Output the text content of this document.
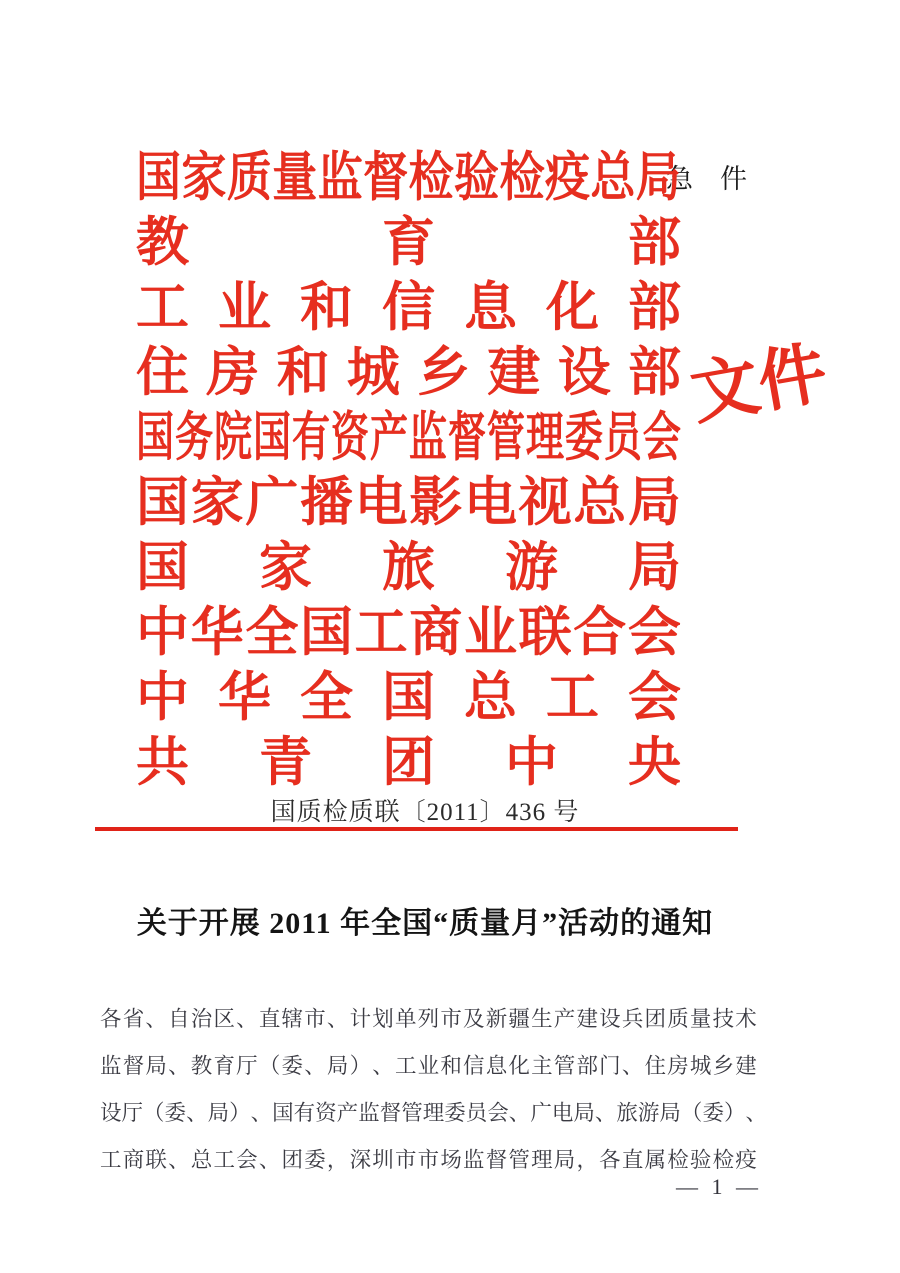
急　件
国 家 质 量 监 督 检 验 检 疫 总 局
教	育	部
工 业 和 信 息 化 部
住 房 和 城 乡 建 设 部
国 务 院 国 有 资 产 监 督 管 理 委 员 会
国 家 广 播 电 影 电 视 总 局
国 家 旅 游 局
中 华 全 国 工 商 业 联 合 会
中 华 全 国 总 工 会
共 青 团 中 央
文件
国质检质联〔2011〕436 号
关于开展 2011 年全国“质量月”活动的通知
各 省 、 自 治 区 、 直 辖 市 、 计 划 单 列 市 及 新 疆 生 产 建 设 兵 团 质 量 技 术
监 督 局 、 教 育 厅 （ 委 、 局 ） 、 工 业 和 信 息 化 主 管 部 门 、 住 房 城 乡 建
设 厅 （ 委 、 局 ） 、 国 有 资 产 监 督 管 理 委 员 会 、 广 电 局 、 旅 游 局 （ 委 ） 、
工 商 联 、 总 工 会 、 团 委 ， 深 圳 市 市 场 监 督 管 理 局 ， 各 直 属 检 验 检 疫
— 1 —
